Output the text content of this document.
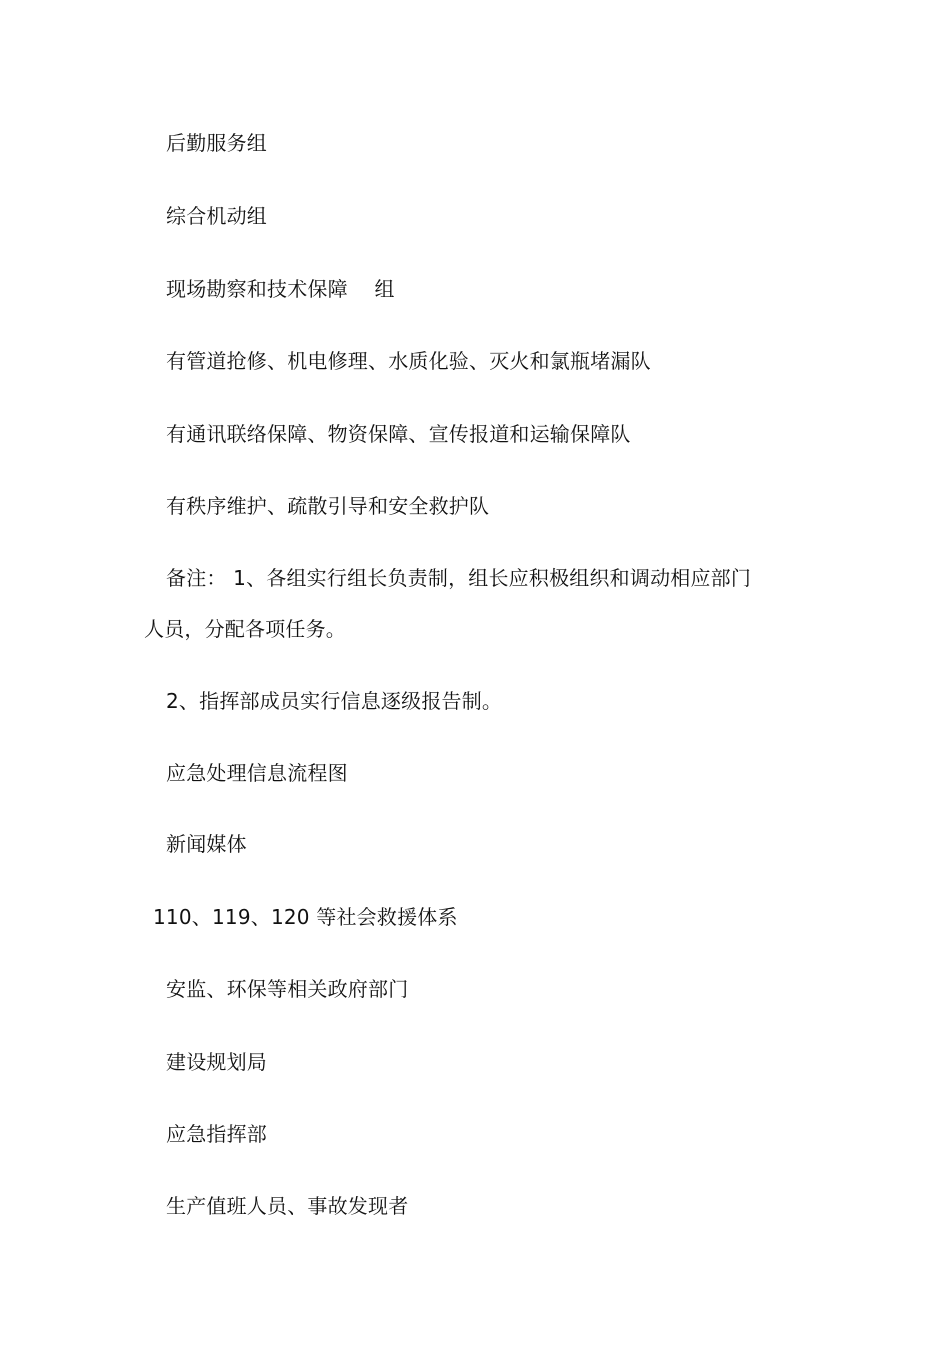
后勤服务组
综合机动组
现场勘察和技术保障　 组
有管道抢修、机电修理、水质化验、灭火和氯瓶堵漏队
有通讯联络保障、物资保障、宣传报道和运输保障队
有秩序维护、疏散引导和安全救护队
备注： 1、各组实行组长负责制，组长应积极组织和调动相应部门
人员，分配各项任务。
2、指挥部成员实行信息逐级报告制。
应急处理信息流程图
新闻媒体
110、119、120 等社会救援体系
安监、环保等相关政府部门
建设规划局
应急指挥部
生产值班人员、事故发现者
